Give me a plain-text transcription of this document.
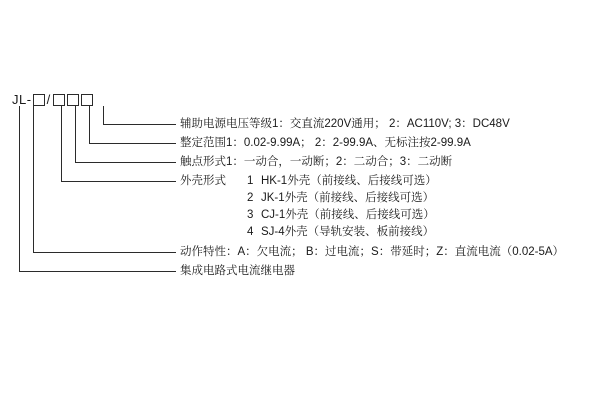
JL- /
辅助电源电压等级1：交直流220V通用； 2：AC110V; 3：DC48V
整定范围1：0.02-9.99A； 2：2-99.9A、无标注按2-99.9A
触点形式1：一动合，一动断；2：二动合；3：二动断
外壳形式 1 HK-1外壳（前接线、后接线可选）
2 JK-1外壳（前接线、后接线可选）
3 CJ-1外壳（前接线、后接线可选）
4 SJ-4外壳（导轨安装、板前接线）
动作特性：A：欠电流； B：过电流；S：带延时；Z：直流电流（0.02-5A）
集成电路式电流继电器
